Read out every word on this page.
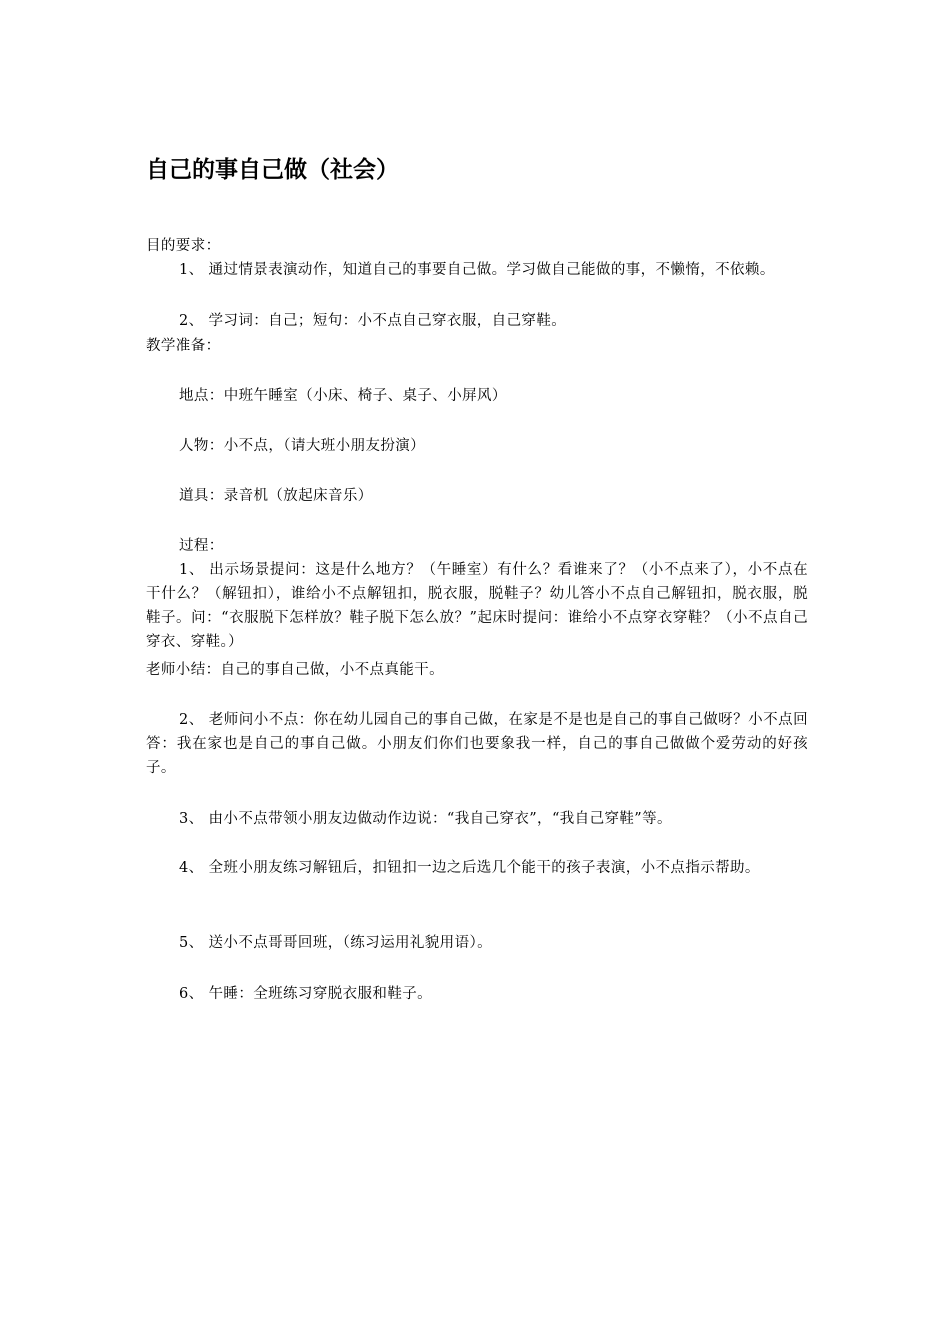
自己的事自己做（社会）
目的要求：
1、 通过情景表演动作，知道自己的事要自己做。学习做自己能做的事，不懒惰，不依赖。
2、 学习词：自己；短句：小不点自己穿衣服，自己穿鞋。
教学准备：
地点：中班午睡室（小床、椅子、桌子、小屏风）
人物：小不点，（请大班小朋友扮演）
道具：录音机（放起床音乐）
过程：
1、 出示场景提问：这是什么地方？（午睡室）有什么？看谁来了？（小不点来了），小不点在干什么？（解钮扣），谁给小不点解钮扣，脱衣服，脱鞋子？幼儿答小不点自己解钮扣，脱衣服，脱鞋子。问：“衣服脱下怎样放？鞋子脱下怎么放？”起床时提问：谁给小不点穿衣穿鞋？（小不点自己穿衣、穿鞋。）
老师小结：自己的事自己做，小不点真能干。
2、 老师问小不点：你在幼儿园自己的事自己做，在家是不是也是自己的事自己做呀？小不点回答：我在家也是自己的事自己做。小朋友们你们也要象我一样，自己的事自己做做个爱劳动的好孩子。
3、 由小不点带领小朋友边做动作边说：“我自己穿衣”，“我自己穿鞋”等。
4、 全班小朋友练习解钮后，扣钮扣一边之后选几个能干的孩子表演，小不点指示帮助。
5、 送小不点哥哥回班，（练习运用礼貌用语）。
6、 午睡：全班练习穿脱衣服和鞋子。
